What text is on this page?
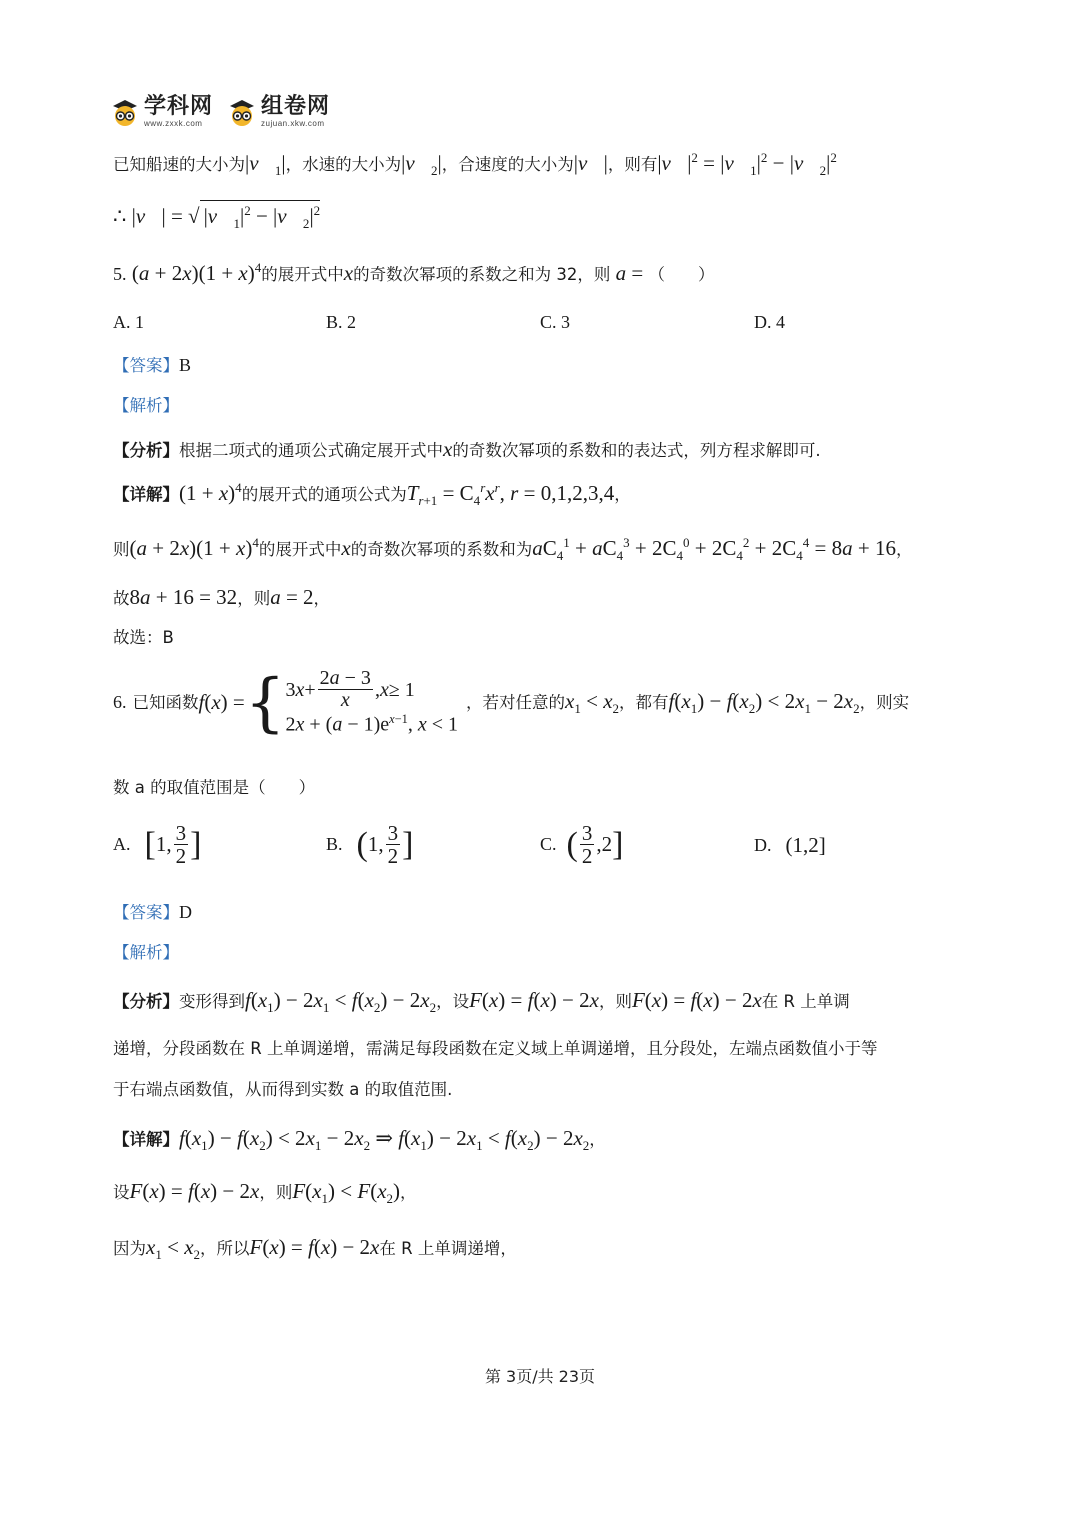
学科网
www.zxxk.com
组卷网
zujuan.xkw.com
已知船速的大小为$|v⃗_1|$，水速的大小为$|v⃗_2|$，合速度的大小为|v⃗|，则有$|v⃗|^2$ = $|v⃗_1|^2$ − $|v⃗_2|^2$
∴ |v⃗| = √ $|v⃗_1|^2$ − $|v⃗_2|^2$
5. $(a + 2x)(1 + x)^4$的展开式中x的奇数次幂项的系数之和为 32，则 a = （　　）
A. 1	B. 2	C. 3	D. 4
【答案】B
【解析】
【分析】根据二项式的通项公式确定展开式中x的奇数次幂项的系数和的表达式，列方程求解即可.
【详解】$(1 + x)^4$的展开式的通项公式为$T_{r+1} = C_4^rx^r$, r = 0,1,2,3,4，
则$(a + 2x)(1 + x)^4$的展开式中x的奇数次幂项的系数和为$aC_4^1 + aC_4^3 + 2C_4^0 + 2C_4^2 + 2C_4^4 = 8a + 16$，
故8a + 16 = 32，则a = 2，
故选：B
6. 已知函数 f(x) = { 3 $x + \frac{2a - 3}{x}$ , x ≥ 1
$2x + (a - 1)e^{x-1}$, x < 1
，若对任意的 $x_1 < x_2$ ，都有 $f(x_1) - f(x_2) < 2x_1 - 2x_2$ ，则实
数 a 的取值范围是（　　）
A. [ 1, $\frac{3}{2}$ ]	B. ( 1, $\frac{3}{2}$ ]	C. ( $\frac{3}{2} ,2$ ]	D. (1,2]
【答案】D
【解析】
【分析】变形得到$f(x_1) - 2x_1 < f(x_2) - 2x_2$，设F(x) = f(x) − 2x，则F(x) = f(x) − 2x在 R 上单调
递增，分段函数在 R 上单调递增，需满足每段函数在定义域上单调递增，且分段处，左端点函数值小于等
于右端点函数值，从而得到实数 a 的取值范围.
【详解】$f(x_1) - f(x_2) < 2x_1 - 2x_2$ ⇒ $f(x_1) - 2x_1 < f(x_2) - 2x_2$，
设F(x) = f(x) − 2x，则$F(x_1) < F(x_2)$，
因为$x_1 < x_2$，所以F(x) = f(x) − 2x在 R 上单调递增，
第 3页/共 23页
